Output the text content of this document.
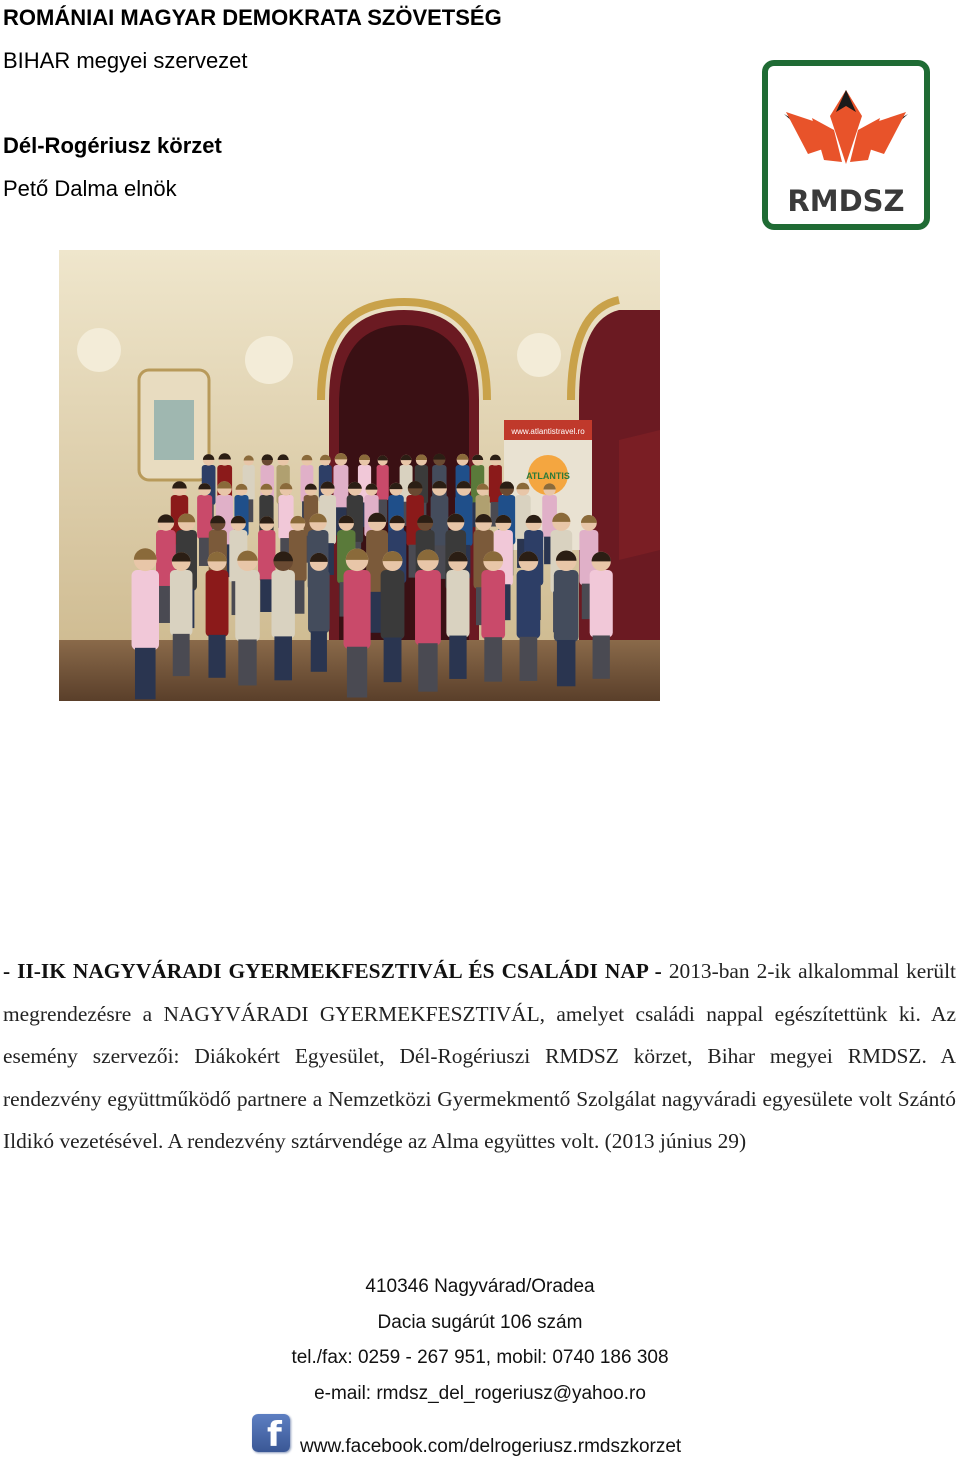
ROMÁNIAI MAGYAR DEMOKRATA SZÖVETSÉG
BIHAR megyei szervezet
Dél-Rogériusz körzet
Pető Dalma elnök	RMDSZ
www.atlantistravel.ro
ATLANTIS
- II-IK NAGYVÁRADI GYERMEKFESZTIVÁL ÉS CSALÁDI NAP - 2013-ban 2-ik alkalommal került megrendezésre a NAGYVÁRADI GYERMEKFESZTIVÁL, amelyet családi nappal egészítettünk ki. Az esemény szervezői: Diákokért Egyesület, Dél-Rogériuszi RMDSZ körzet, Bihar megyei RMDSZ. A rendezvény együttműködő partnere a Nemzetközi Gyermekmentő Szolgálat nagyváradi egyesülete volt Szántó Ildikó vezetésével. A rendezvény sztárvendége az Alma együttes volt. (2013 június 29)
410346 Nagyvárad/Oradea
Dacia sugárút 106 szám
tel./fax: 0259 - 267 951, mobil: 0740 186 308
e-mail: rmdsz_del_rogeriusz@yahoo.ro
f www.facebook.com/delrogeriusz.rmdszkorzet
